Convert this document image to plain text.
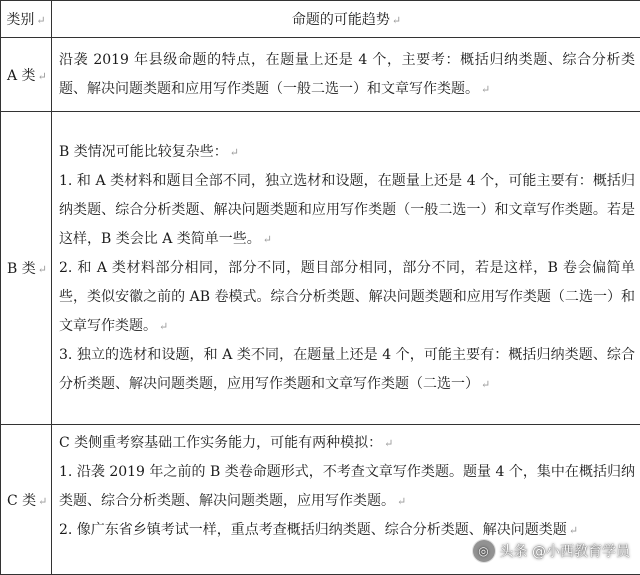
类别 ↵	命题的可能趋势 ↵
A 类 ↵	沿袭 2019 年县级命题的特点，在题量上还是 4 个，主要考：概括归纳类题、综合分析类题、解决问题类题和应用写作类题（一般二选一）和文章写作类题。 ↵

B 类 ↵	B 类情况可能比较复杂些： ↵

1. 和 A 类材料和题目全部不同，独立选材和设题，在题量上还是 4 个，可能主要有：概括归纳类题、综合分析类题、解决问题类题和应用写作类题（一般二选一）和文章写作类题。若是这样，B 类会比 A 类简单一些。 ↵

2. 和 A 类材料部分相同，部分不同，题目部分相同，部分不同，若是这样，B 卷会偏简单些，类似安徽之前的 AB 卷模式。综合分析类题、解决问题类题和应用写作类题（二选一）和文章写作类题。 ↵

3. 独立的选材和设题，和 A 类不同，在题量上还是 4 个，可能主要有：概括归纳类题、综合分析类题、解决问题类题，应用写作类题和文章写作类题（二选一） ↵

C 类 ↵	C 类侧重考察基础工作实务能力，可能有两种模拟： ↵

1. 沿袭 2019 年之前的 B 类卷命题形式，不考查文章写作类题。题量 4 个，集中在概括归纳类题、综合分析类题、解决问题类题，应用写作类题。 ↵

2. 像广东省乡镇考试一样，重点考查概括归纳类题、综合分析类题、解决问题类题 ↵

◎ 头条 @小西教育学员
